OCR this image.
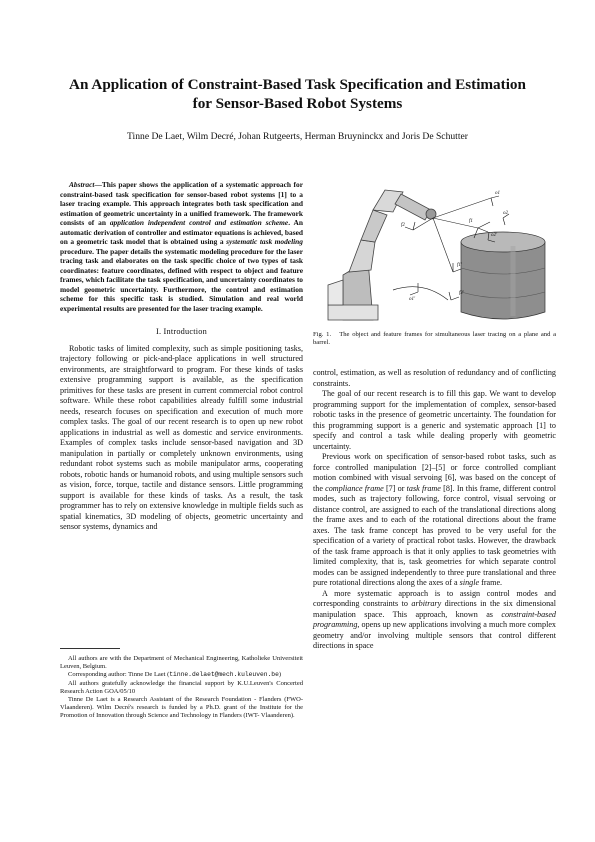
An Application of Constraint-Based Task Specification and Estimation
for Sensor-Based Robot Systems

Tinne De Laet, Wilm Decré, Johan Rutgeerts, Herman Bruyninckx and Joris De Schutter

Abstract—This paper shows the application of a systematic approach for constraint-based task specification for sensor-based robot systems [1] to a laser tracing example. This approach integrates both task specification and estimation of geometric uncertainty in a unified framework. The framework consists of an application independent control and estimation scheme. An automatic derivation of controller and estimator equations is achieved, based on a geometric task model that is obtained using a systematic task modeling procedure. The paper details the systematic modeling procedure for the laser tracing task and elaborates on the task specific choice of two types of task coordinates: feature coordinates, defined with respect to object and feature frames, which facilitate the task specification, and uncertainty coordinates to model geometric uncertainty. Furthermore, the control and estimation scheme for this specific task is studied. Simulation and real world experimental results are presented for the laser tracing example.

I. Introduction

Robotic tasks of limited complexity, such as simple positioning tasks, trajectory following or pick-and-place applications in well structured environments, are straightforward to program. For these kinds of tasks extensive programming support is available, as the specification primitives for these tasks are present in current commercial robot control software. While these robot capabilities already fulfill some industrial needs, research focuses on specification and execution of much more complex tasks. The goal of our recent research is to open up new robot applications in industrial as well as domestic and service environments. Examples of complex tasks include sensor-based navigation and 3D manipulation in partially or completely unknown environments, using redundant robot systems such as mobile manipulator arms, cooperating robots, robotic hands or humanoid robots, and using multiple sensors such as vision, force, torque, tactile and distance sensors. Little programming support is available for these kinds of tasks. As a result, the task programmer has to rely on extensive knowledge in multiple fields such as spatial kinematics, 3D modeling of objects, geometric uncertainty and sensor systems, dynamics and

All authors are with the Department of Mechanical Engineering, Katholieke Universiteit Leuven, Belgium.

Corresponding author: Tinne De Laet (tinne.delaet@mech.kuleuven.be)

All authors gratefully acknowledge the financial support by K.U.Leuven's Concerted Research Action GOA/05/10

Tinne De Laet is a Research Assistant of the Research Foundation - Flanders (FWO-Vlaanderen). Wilm Decré's research is funded by a Ph.D. grant of the Institute for the Promotion of Innovation through Science and Technology in Flanders (IWT- Vlaanderen).

o1
o2
f1
f2
o1'
f1'
f2'
o2'
Fig. 1. The object and feature frames for simultaneous laser tracing on a plane and a barrel.

control, estimation, as well as resolution of redundancy and of conflicting constraints.

The goal of our recent research is to fill this gap. We want to develop programming support for the implementation of complex, sensor-based robotic tasks in the presence of geometric uncertainty. The foundation for this programming support is a generic and systematic approach [1] to specify and control a task while dealing properly with geometric uncertainty.

Previous work on specification of sensor-based robot tasks, such as force controlled manipulation [2]–[5] or force controlled compliant motion combined with visual servoing [6], was based on the concept of the compliance frame [7] or task frame [8]. In this frame, different control modes, such as trajectory following, force control, visual servoing or distance control, are assigned to each of the translational directions along the frame axes and to each of the rotational directions about the frame axes. The task frame concept has proved to be very useful for the specification of a variety of practical robot tasks. However, the drawback of the task frame approach is that it only applies to task geometries with limited complexity, that is, task geometries for which separate control modes can be assigned independently to three pure translational and three pure rotational directions along the axes of a single frame.

A more systematic approach is to assign control modes and corresponding constraints to arbitrary directions in the six dimensional manipulation space. This approach, known as constraint-based programming, opens up new applications involving a much more complex geometry and/or involving multiple sensors that control different directions in space
